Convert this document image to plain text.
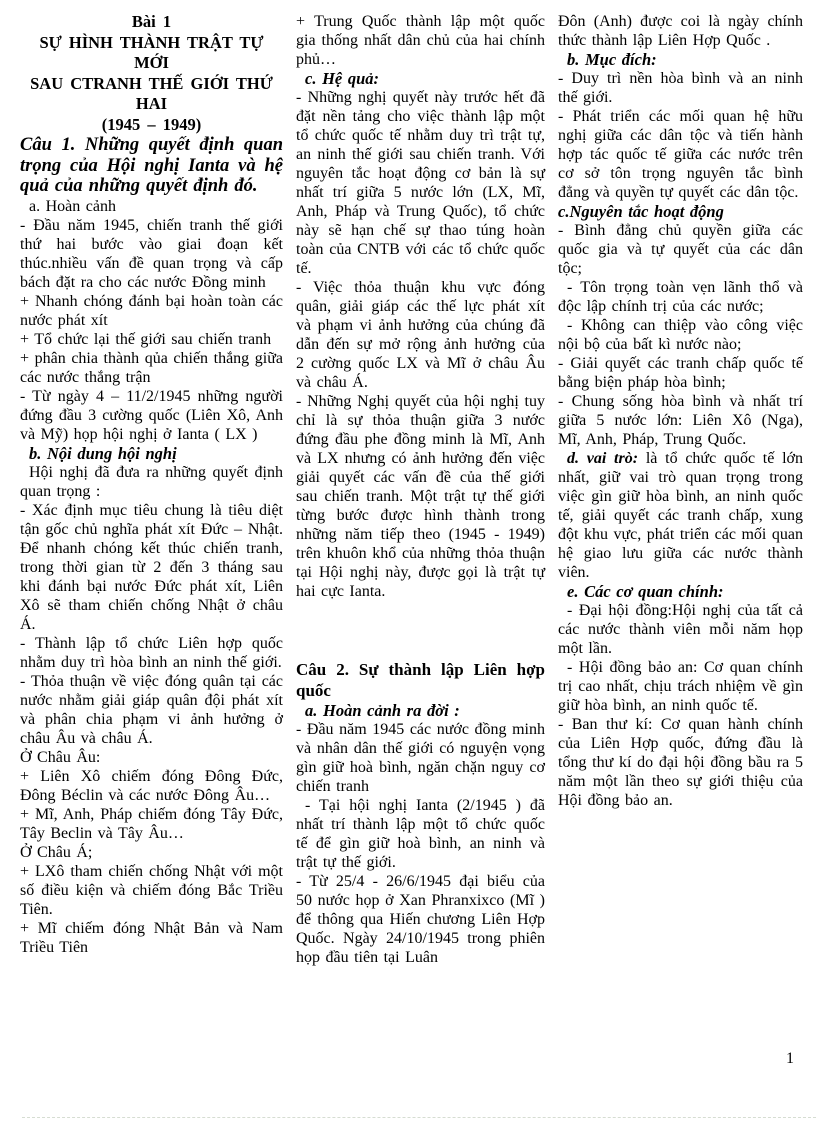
Bài 1

SỰ HÌNH THÀNH TRẬT TỰ MỚI

SAU CTRANH THẾ GIỚI THỨ HAI

(1945 – 1949)

Câu 1. Những quyết định quan trọng của Hội nghị Ianta và hệ quả của những quyết định đó.

a. Hoàn cảnh

- Đầu năm 1945, chiến tranh thế giới thứ hai bước vào giai đoạn kết thúc.nhiều vấn đề quan trọng và cấp bách đặt ra cho các nước Đồng minh

+ Nhanh chóng đánh bại hoàn toàn các nước phát xít

+ Tổ chức lại thế giới sau chiến tranh

+ phân chia thành qủa chiến thắng giữa các nước thắng trận

- Từ ngày 4 – 11/2/1945 những người đứng đầu 3 cường quốc (Liên Xô, Anh và Mỹ) họp hội nghị ở Ianta ( LX )

b. Nội dung hội nghị

Hội nghị đã đưa ra những quyết định quan trọng :

- Xác định mục tiêu chung là tiêu diệt tận gốc chủ nghĩa phát xít Đức – Nhật. Để nhanh chóng kết thúc chiến tranh, trong thời gian từ 2 đến 3 tháng sau khi đánh bại nước Đức phát xít, Liên Xô sẽ tham chiến chống Nhật ở châu Á.

- Thành lập tổ chức Liên hợp quốc nhằm duy trì hòa bình an ninh thế giới.

- Thỏa thuận về việc đóng quân tại các nước nhằm giải giáp quân đội phát xít và phân chia phạm vi ảnh hưởng ở châu Âu và châu Á.

Ở Châu Âu:

+ Liên Xô chiếm đóng Đông Đức, Đông Béclin và các nước Đông Âu…

+ Mĩ, Anh, Pháp chiếm đóng Tây Đức, Tây Beclin và Tây Âu…

Ở Châu Á;

+ LXô tham chiến chống Nhật với một số điều kiện và chiếm đóng Bắc Triều Tiên.

+ Mĩ chiếm đóng Nhật Bản và Nam Triều Tiên

+ Trung Quốc thành lập một quốc gia thống nhất dân chủ của hai chính phủ…

c. Hệ quả:

- Những nghị quyết này trước hết đã đặt nền tảng cho việc thành lập một tổ chức quốc tế nhằm duy trì trật tự, an ninh thế giới sau chiến tranh. Với nguyên tắc hoạt động cơ bản là sự nhất trí giữa 5 nước lớn (LX, Mĩ, Anh, Pháp và Trung Quốc), tổ chức này sẽ hạn chế sự thao túng hoàn toàn của CNTB với các tổ chức quốc tế.

- Việc thỏa thuận khu vực đóng quân, giải giáp các thế lực phát xít và phạm vi ảnh hưởng của chúng đã dẫn đến sự mở rộng ảnh hưởng của 2 cường quốc LX và Mĩ ở châu Âu và châu Á.

- Những Nghị quyết của hội nghị tuy chỉ là sự thỏa thuận giữa 3 nước đứng đầu phe đồng minh là Mĩ, Anh và LX nhưng có ảnh hưởng đến việc giải quyết các vấn đề của thế giới sau chiến tranh. Một trật tự thế giới từng bước được hình thành trong những năm tiếp theo (1945 - 1949) trên khuôn khổ của những thỏa thuận tại Hội nghị này, được gọi là trật tự hai cực Ianta.

Câu 2. Sự thành lập Liên hợp quốc

a. Hoàn cảnh ra đời :

- Đầu năm 1945 các nước đồng minh và nhân dân thế giới có nguyện vọng gìn giữ hoà bình, ngăn chặn nguy cơ chiến tranh

- Tại hội nghị Ianta (2/1945 ) đã nhất trí thành lập một tổ chức quốc tế để gìn giữ hoà bình, an ninh và trật tự thế giới.

- Từ 25/4 - 26/6/1945 đại biểu của 50 nước họp ở Xan Phranxixco (Mĩ ) để thông qua Hiến chương Liên Hợp Quốc. Ngày 24/10/1945 trong phiên họp đầu tiên tại Luân

Đôn (Anh) được coi là ngày chính thức thành lập Liên Hợp Quốc .

b. Mục đích:

- Duy trì nền hòa bình và an ninh thế giới.

- Phát triển các mối quan hệ hữu nghị giữa các dân tộc và tiến hành hợp tác quốc tế giữa các nước trên cơ sở tôn trọng nguyên tắc bình đẳng và quyền tự quyết các dân tộc.

c.Nguyên tắc hoạt động

- Bình đẳng chủ quyền giữa các quốc gia và tự quyết của các dân tộc;

- Tôn trọng toàn vẹn lãnh thổ và độc lập chính trị của các nước;

- Không can thiệp vào công việc nội bộ của bất kì nước nào;

- Giải quyết các tranh chấp quốc tế bằng biện pháp hòa bình;

- Chung sống hòa bình và nhất trí giữa 5 nước lớn: Liên Xô (Nga), Mĩ, Anh, Pháp, Trung Quốc.

d. vai trò: là tổ chức quốc tế lớn nhất, giữ vai trò quan trọng trong việc gìn giữ hòa bình, an ninh quốc tế, giải quyết các tranh chấp, xung đột khu vực, phát triển các mối quan hệ giao lưu giữa các nước thành viên.

e. Các cơ quan chính:

- Đại hội đồng:Hội nghị của tất cả các nước thành viên mỗi năm họp một lần.

- Hội đồng bảo an: Cơ quan chính trị cao nhất, chịu trách nhiệm về gìn giữ hòa bình, an ninh quốc tế.

- Ban thư kí: Cơ quan hành chính của Liên Hợp quốc, đứng đầu là tổng thư kí do đại hội đồng bầu ra 5 năm một lần theo sự giới thiệu của Hội đồng bảo an.

1
